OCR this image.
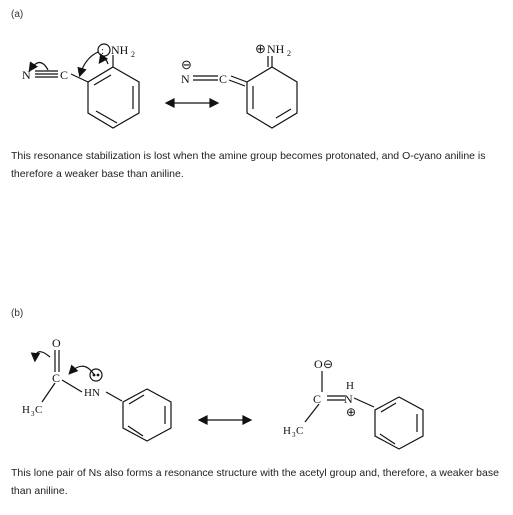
(a)
N C
: NH 2
⊖
N C
⊕ NH 2
O
C
HN
H 3 C
O ⊖
C
H
N
⊕
H 3 C
This resonance stabilization is lost when the amine group becomes protonated, and O-cyano aniline is therefore a weaker base than aniline.
(b)
This lone pair of Ns also forms a resonance structure with the acetyl group and, therefore, a weaker base than aniline.
